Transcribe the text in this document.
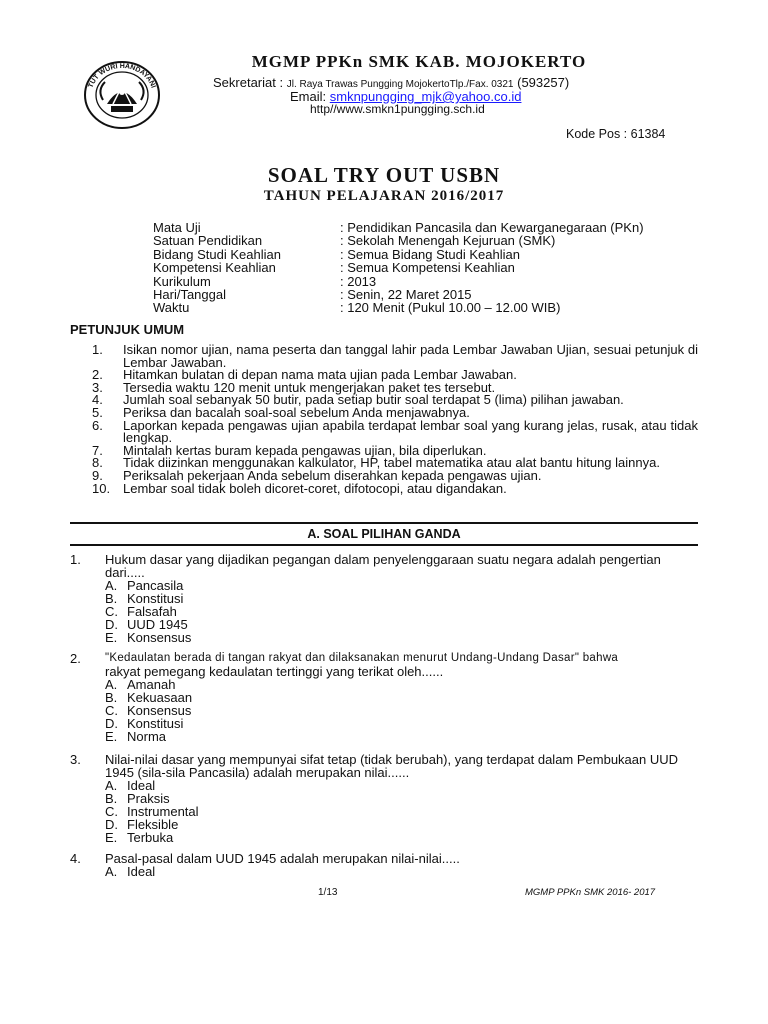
TUT WURI HANDAYANI
MGMP PPKn SMK KAB. MOJOKERTO
Sekretariat : Jl. Raya Trawas Pungging MojokertoTlp./Fax. 0321 (593257)
Email: smknpungging_mjk@yahoo.co.id
http//www.smkn1pungging.sch.id
Kode Pos : 61384
SOAL TRY OUT USBN
TAHUN PELAJARAN 2016/2017
Mata Uji	: Pendidikan Pancasila dan Kewarganegaraan (PKn)
Satuan Pendidikan	: Sekolah Menengah Kejuruan (SMK)
Bidang Studi Keahlian	: Semua Bidang Studi Keahlian
Kompetensi Keahlian	: Semua Kompetensi Keahlian
Kurikulum	: 2013
Hari/Tanggal	: Senin, 22 Maret 2015
Waktu	: 120 Menit (Pukul 10.00 – 12.00 WIB)
PETUNJUK UMUM
1.	Isikan nomor ujian, nama peserta dan tanggal lahir pada Lembar Jawaban Ujian, sesuai petunjuk di Lembar Jawaban.
2.	Hitamkan bulatan di depan nama mata ujian pada Lembar Jawaban.
3.	Tersedia waktu 120 menit untuk mengerjakan paket tes tersebut.
4.	Jumlah soal sebanyak 50 butir, pada setiap butir soal terdapat 5 (lima) pilihan jawaban.
5.	Periksa dan bacalah soal-soal sebelum Anda menjawabnya.
6.	Laporkan kepada pengawas ujian apabila terdapat lembar soal yang kurang jelas, rusak, atau tidak lengkap.
7.	Mintalah kertas buram kepada pengawas ujian, bila diperlukan.
8.	Tidak diizinkan menggunakan kalkulator, HP, tabel matematika atau alat bantu hitung lainnya.
9.	Periksalah pekerjaan Anda sebelum diserahkan kepada pengawas ujian.
10. Lembar soal tidak boleh dicoret-coret, difotocopi, atau digandakan.
A. SOAL PILIHAN GANDA
1.	Hukum dasar yang dijadikan pegangan dalam penyelenggaraan suatu negara adalah pengertian dari.....
A. Pancasila
B. Konstitusi
C. Falsafah
D. UUD 1945
E. Konsensus
2.	"Kedaulatan berada di tangan rakyat dan dilaksanakan menurut Undang-Undang Dasar" bahwa
rakyat pemegang kedaulatan tertinggi yang terikat oleh......
A. Amanah
B. Kekuasaan
C. Konsensus
D. Konstitusi
E. Norma
3.	Nilai-nilai dasar yang mempunyai sifat tetap (tidak berubah), yang terdapat dalam Pembukaan UUD 1945 (sila-sila Pancasila) adalah merupakan nilai......
A. Ideal
B. Praksis
C. Instrumental
D. Fleksible
E. Terbuka
4.	Pasal-pasal dalam UUD 1945 adalah merupakan nilai-nilai.....
A. Ideal
1/13	MGMP PPKn SMK 2016- 2017
